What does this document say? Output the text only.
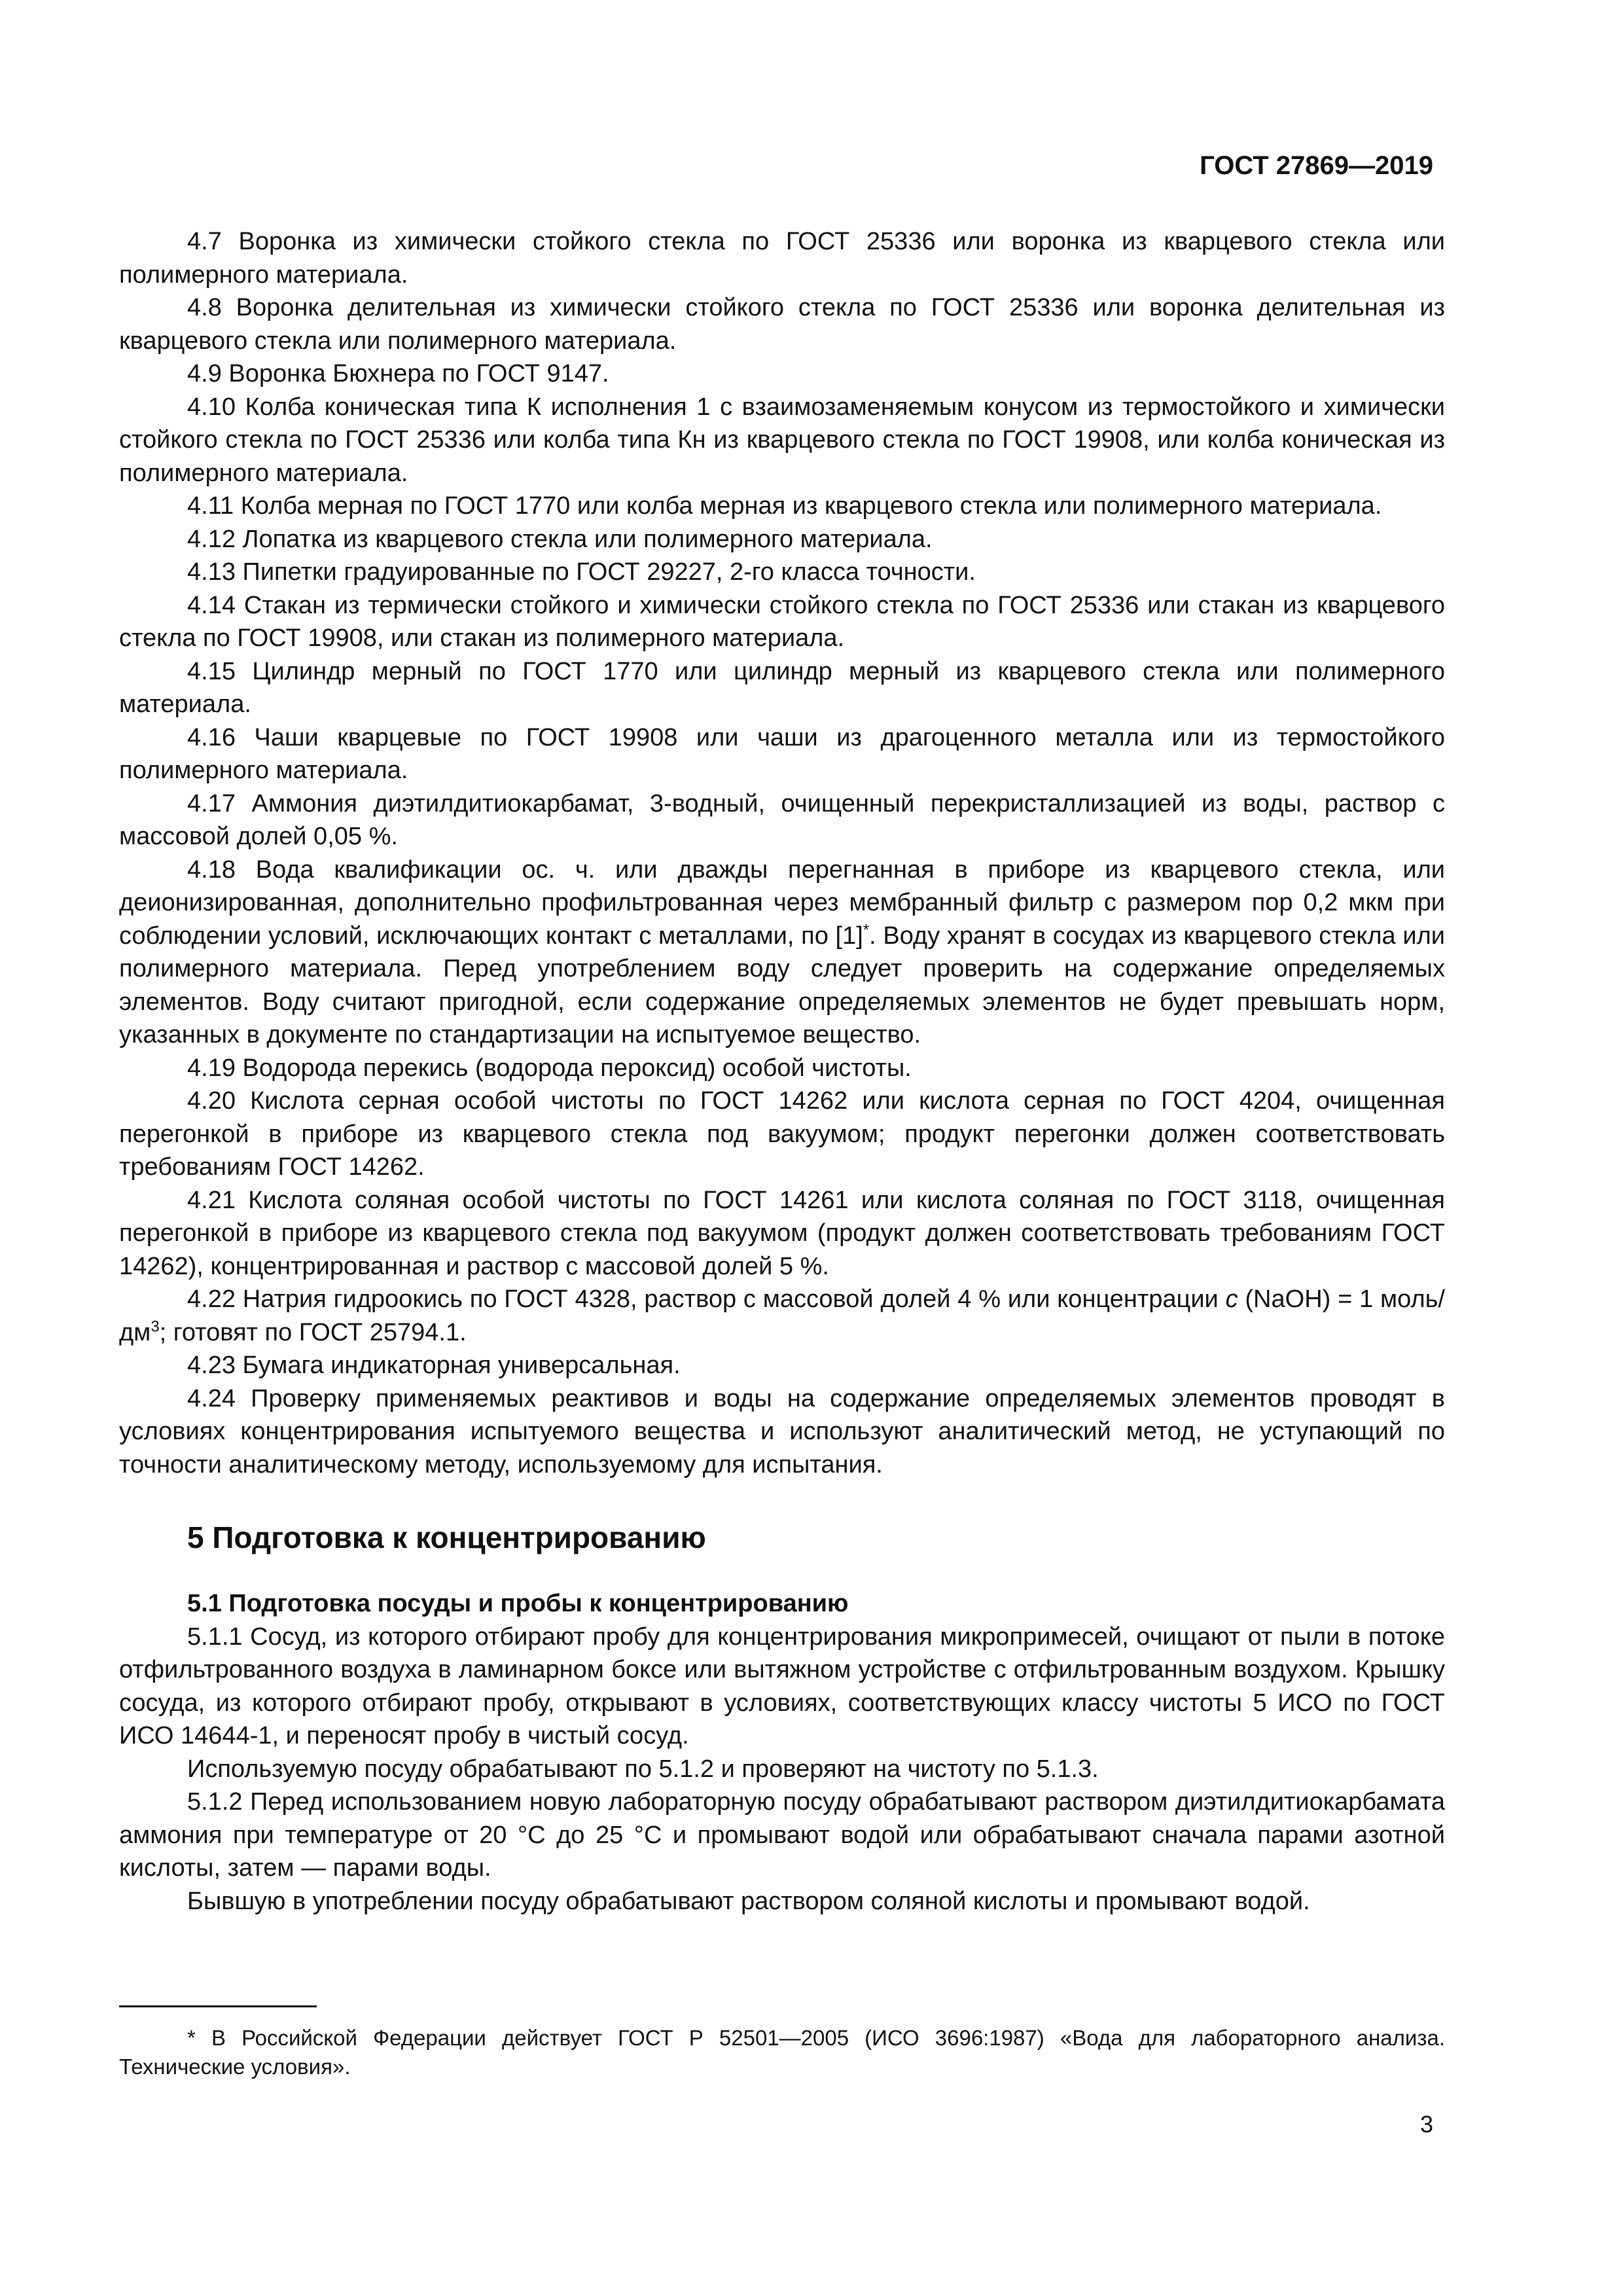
ГОСТ 27869—2019

4.7 Воронка из химически стойкого стекла по ГОСТ 25336 или воронка из кварцевого стекла или полимерного материала.

4.8 Воронка делительная из химически стойкого стекла по ГОСТ 25336 или воронка делительная из кварцевого стекла или полимерного материала.

4.9 Воронка Бюхнера по ГОСТ 9147.

4.10 Колба коническая типа К исполнения 1 с взаимозаменяемым конусом из термостойкого и химически стойкого стекла по ГОСТ 25336 или колба типа Кн из кварцевого стекла по ГОСТ 19908, или колба коническая из полимерного материала.

4.11 Колба мерная по ГОСТ 1770 или колба мерная из кварцевого стекла или полимерного материала.

4.12 Лопатка из кварцевого стекла или полимерного материала.

4.13 Пипетки градуированные по ГОСТ 29227, 2-го класса точности.

4.14 Стакан из термически стойкого и химически стойкого стекла по ГОСТ 25336 или стакан из кварцевого стекла по ГОСТ 19908, или стакан из полимерного материала.

4.15 Цилиндр мерный по ГОСТ 1770 или цилиндр мерный из кварцевого стекла или полимерного материала.

4.16 Чаши кварцевые по ГОСТ 19908 или чаши из драгоценного металла или из термостойкого полимерного материала.

4.17 Аммония диэтилдитиокарбамат, 3-водный, очищенный перекристаллизацией из воды, раствор с массовой долей 0,05 %.

4.18 Вода квалификации ос. ч. или дважды перегнанная в приборе из кварцевого стекла, или деионизированная, дополнительно профильтрованная через мембранный фильтр с размером пор 0,2 мкм при соблюдении условий, исключающих контакт с металлами, по [1]*. Воду хранят в сосудах из кварцевого стекла или полимерного материала. Перед употреблением воду следует проверить на содержание определяемых элементов. Воду считают пригодной, если содержание определяемых элементов не будет превышать норм, указанных в документе по стандартизации на испытуемое вещество.

4.19 Водорода перекись (водорода пероксид) особой чистоты.

4.20 Кислота серная особой чистоты по ГОСТ 14262 или кислота серная по ГОСТ 4204, очищенная перегонкой в приборе из кварцевого стекла под вакуумом; продукт перегонки должен соответствовать требованиям ГОСТ 14262.

4.21 Кислота соляная особой чистоты по ГОСТ 14261 или кислота соляная по ГОСТ 3118, очищенная перегонкой в приборе из кварцевого стекла под вакуумом (продукт должен соответствовать требованиям ГОСТ 14262), концентрированная и раствор с массовой долей 5 %.

4.22 Натрия гидроокись по ГОСТ 4328, раствор с массовой долей 4 % или концентрации c (NaOH) = 1 моль/$дм^3$; готовят по ГОСТ 25794.1.

4.23 Бумага индикаторная универсальная.

4.24 Проверку применяемых реактивов и воды на содержание определяемых элементов проводят в условиях концентрирования испытуемого вещества и используют аналитический метод, не уступающий по точности аналитическому методу, используемому для испытания.

5 Подготовка к концентрированию
5.1 Подготовка посуды и пробы к концентрированию

5.1.1 Сосуд, из которого отбирают пробу для концентрирования микропримесей, очищают от пыли в потоке отфильтрованного воздуха в ламинарном боксе или вытяжном устройстве с отфильтрованным воздухом. Крышку сосуда, из которого отбирают пробу, открывают в условиях, соответствующих классу чистоты 5 ИСО по ГОСТ ИСО 14644-1, и переносят пробу в чистый сосуд.

Используемую посуду обрабатывают по 5.1.2 и проверяют на чистоту по 5.1.3.

5.1.2 Перед использованием новую лабораторную посуду обрабатывают раствором диэтилдитиокарбамата аммония при температуре от 20 °С до 25 °С и промывают водой или обрабатывают сначала парами азотной кислоты, затем — парами воды.

Бывшую в употреблении посуду обрабатывают раствором соляной кислоты и промывают водой.

* В Российской Федерации действует ГОСТ Р 52501—2005 (ИСО 3696:1987) «Вода для лабораторного анализа. Технические условия».

3
